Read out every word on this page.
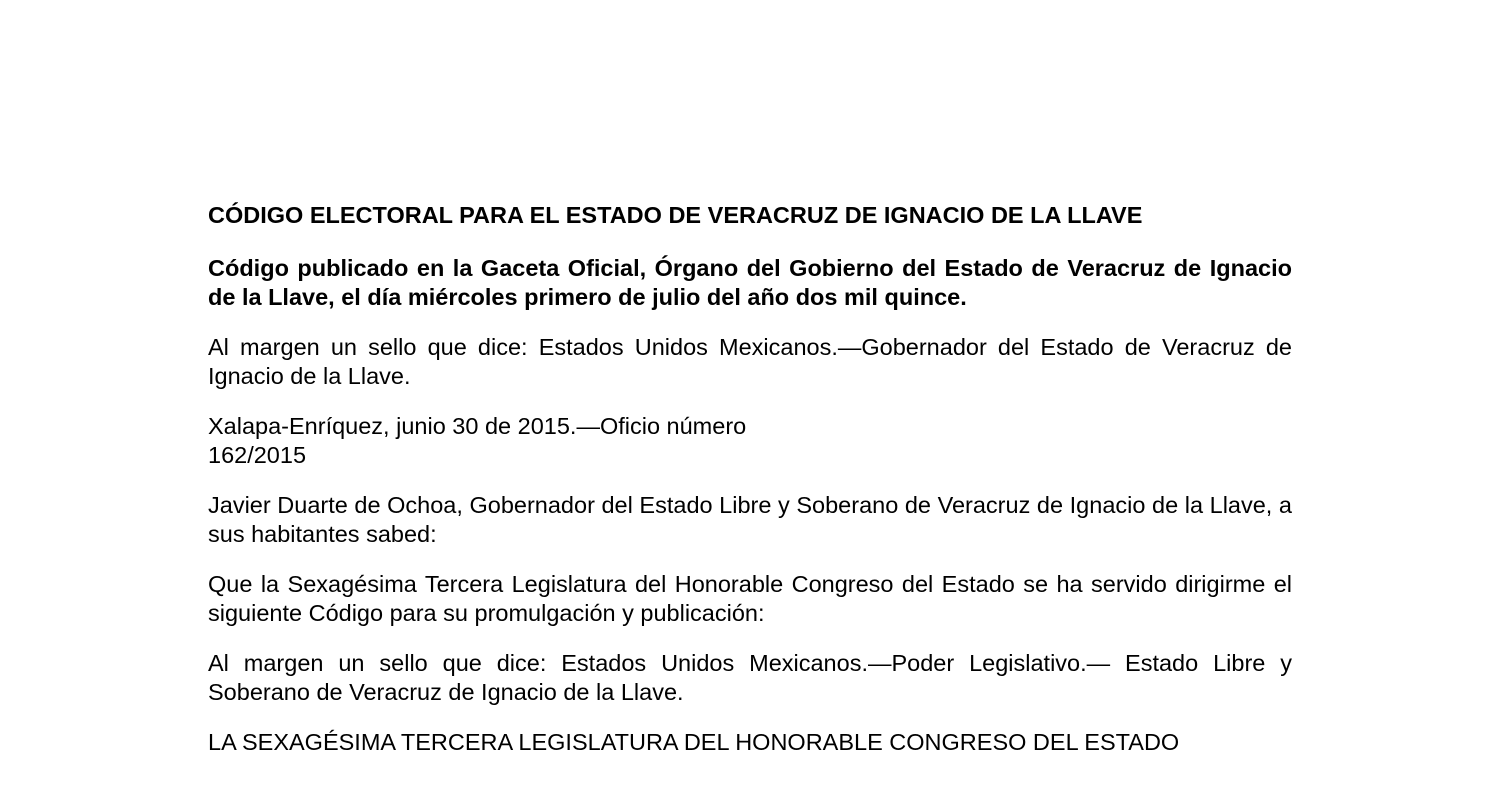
CÓDIGO ELECTORAL PARA EL ESTADO DE VERACRUZ DE IGNACIO DE LA LLAVE

Código publicado en la Gaceta Oficial, Órgano del Gobierno del Estado de Veracruz de Ignacio de la Llave, el día miércoles primero de julio del año dos mil quince.

Al margen un sello que dice: Estados Unidos Mexicanos.—Gobernador del Estado de Veracruz de Ignacio de la Llave.

Xalapa-Enríquez, junio 30 de 2015.—Oficio número
162/2015

Javier Duarte de Ochoa, Gobernador del Estado Libre y Soberano de Veracruz de Ignacio de la Llave, a sus habitantes sabed:

Que la Sexagésima Tercera Legislatura del Honorable Congreso del Estado se ha servido dirigirme el siguiente Código para su promulgación y publicación:

Al margen un sello que dice: Estados Unidos Mexicanos.—Poder Legislativo.— Estado Libre y Soberano de Veracruz de Ignacio de la Llave.

LA SEXAGÉSIMA TERCERA LEGISLATURA DEL HONORABLE CONGRESO DEL ESTADO
